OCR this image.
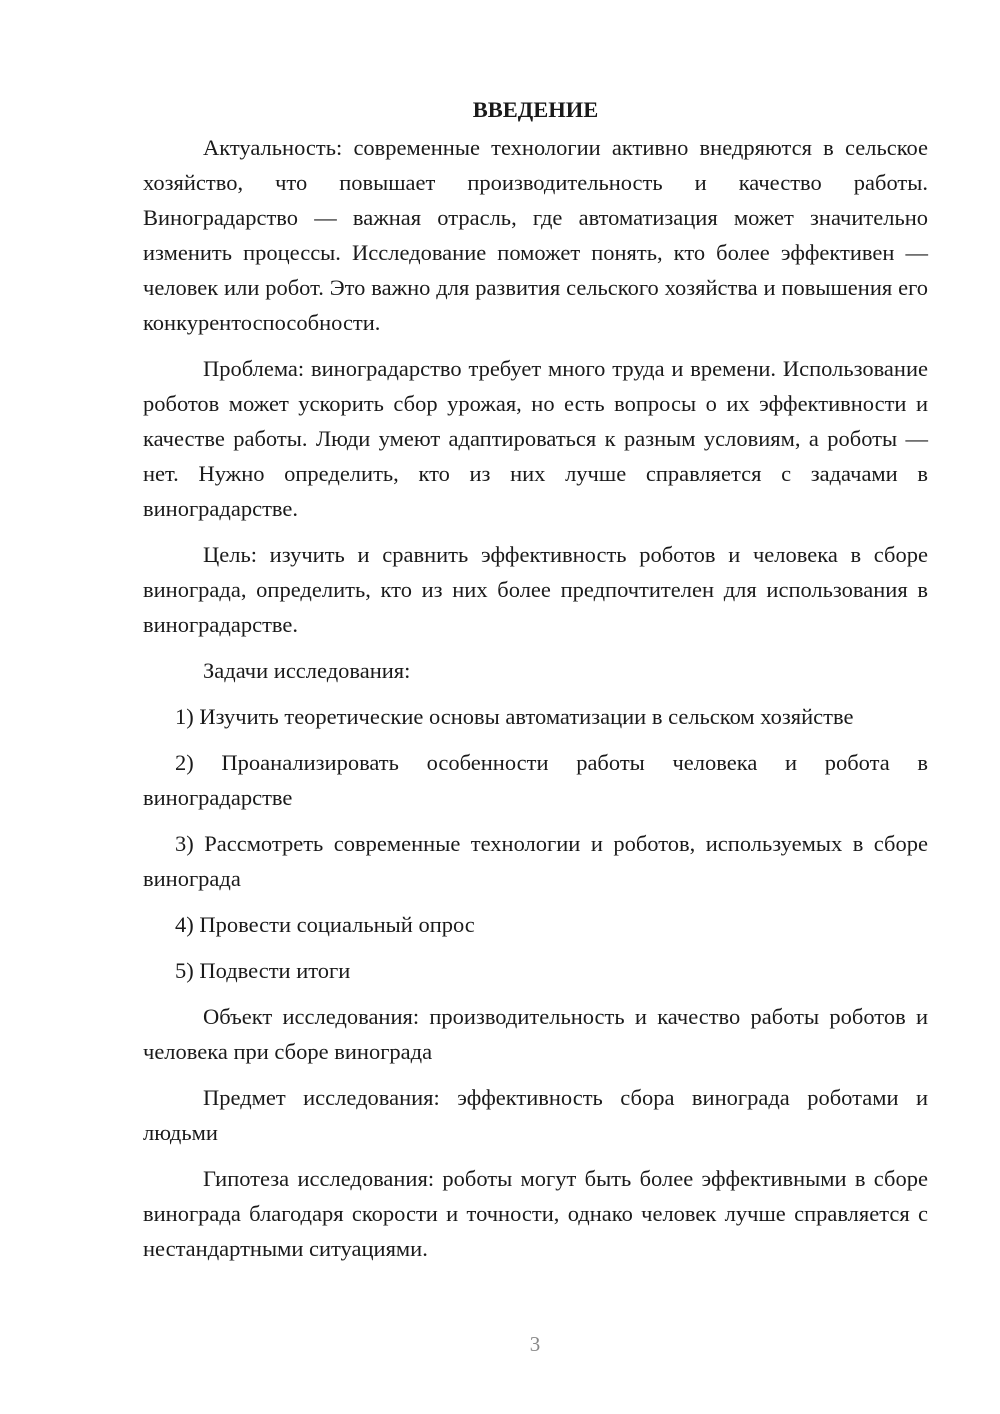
ВВЕДЕНИЕ

Актуальность: современные технологии активно внедряются в сельское хозяйство, что повышает производительность и качество работы. Виноградарство — важная отрасль, где автоматизация может значительно изменить процессы. Исследование поможет понять, кто более эффективен — человек или робот. Это важно для развития сельского хозяйства и повышения его конкурентоспособности.

Проблема: виноградарство требует много труда и времени. Использование роботов может ускорить сбор урожая, но есть вопросы о их эффективности и качестве работы. Люди умеют адаптироваться к разным условиям, а роботы — нет. Нужно определить, кто из них лучше справляется с задачами в виноградарстве.

Цель: изучить и сравнить эффективность роботов и человека в сборе винограда, определить, кто из них более предпочтителен для использования в виноградарстве.

Задачи исследования:

1) Изучить теоретические основы автоматизации в сельском хозяйстве

2) Проанализировать особенности работы человека и робота в виноградарстве

3) Рассмотреть современные технологии и роботов, используемых в сборе винограда

4) Провести социальный опрос

5) Подвести итоги

Объект исследования: производительность и качество работы роботов и человека при сборе винограда

Предмет исследования: эффективность сбора винограда роботами и людьми

Гипотеза исследования: роботы могут быть более эффективными в сборе винограда благодаря скорости и точности, однако человек лучше справляется с нестандартными ситуациями.

3
